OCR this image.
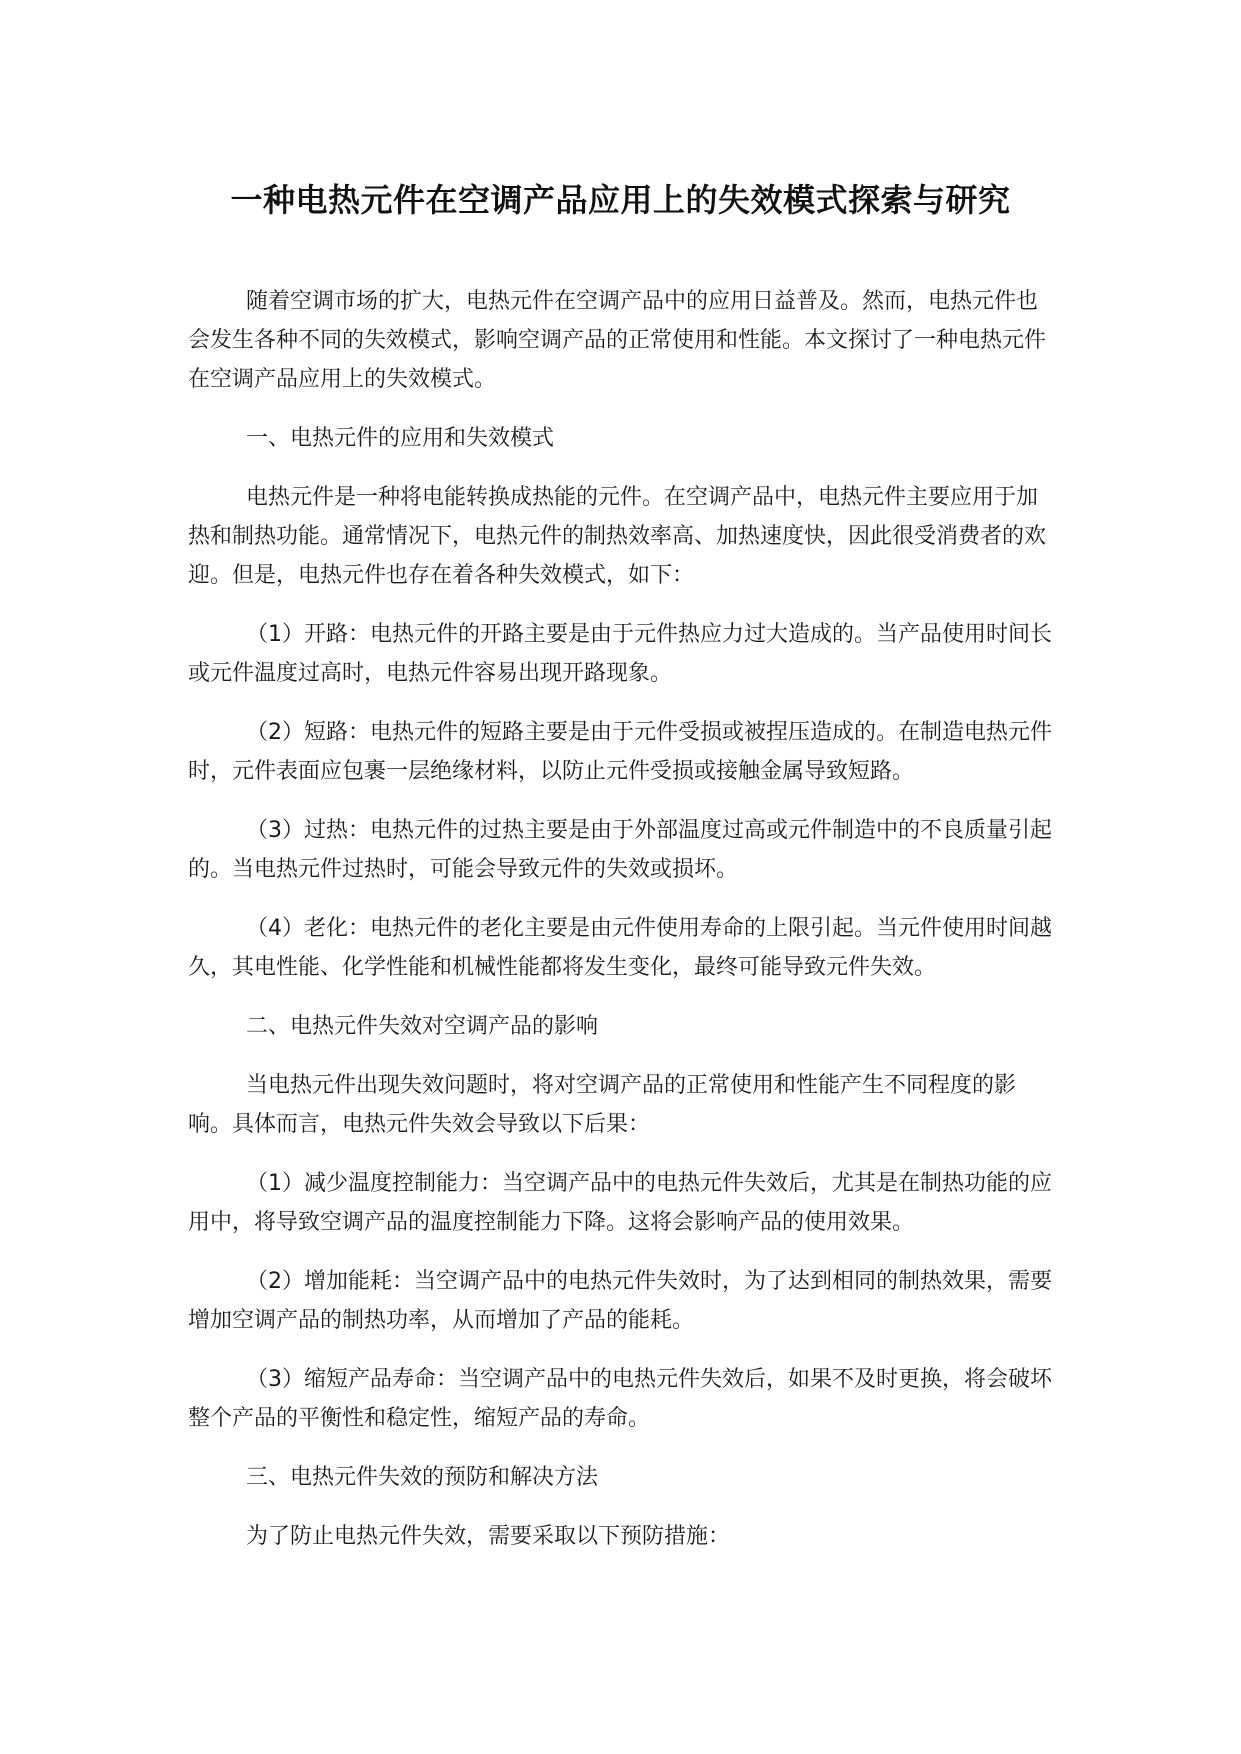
一种电热元件在空调产品应用上的失效模式探索与研究

随着空调市场的扩大，电热元件在空调产品中的应用日益普及。然而，电热元件也会发生各种不同的失效模式，影响空调产品的正常使用和性能。本文探讨了一种电热元件在空调产品应用上的失效模式。

一、电热元件的应用和失效模式

电热元件是一种将电能转换成热能的元件。在空调产品中，电热元件主要应用于加热和制热功能。通常情况下，电热元件的制热效率高、加热速度快，因此很受消费者的欢迎。但是，电热元件也存在着各种失效模式，如下：

（1）开路：电热元件的开路主要是由于元件热应力过大造成的。当产品使用时间长或元件温度过高时，电热元件容易出现开路现象。

（2）短路：电热元件的短路主要是由于元件受损或被捏压造成的。在制造电热元件时，元件表面应包裹一层绝缘材料，以防止元件受损或接触金属导致短路。

（3）过热：电热元件的过热主要是由于外部温度过高或元件制造中的不良质量引起的。当电热元件过热时，可能会导致元件的失效或损坏。

（4）老化：电热元件的老化主要是由元件使用寿命的上限引起。当元件使用时间越久，其电性能、化学性能和机械性能都将发生变化，最终可能导致元件失效。

二、电热元件失效对空调产品的影响

当电热元件出现失效问题时，将对空调产品的正常使用和性能产生不同程度的影响。具体而言，电热元件失效会导致以下后果：

（1）减少温度控制能力：当空调产品中的电热元件失效后，尤其是在制热功能的应用中，将导致空调产品的温度控制能力下降。这将会影响产品的使用效果。

（2）增加能耗：当空调产品中的电热元件失效时，为了达到相同的制热效果，需要增加空调产品的制热功率，从而增加了产品的能耗。

（3）缩短产品寿命：当空调产品中的电热元件失效后，如果不及时更换，将会破坏整个产品的平衡性和稳定性，缩短产品的寿命。

三、电热元件失效的预防和解决方法

为了防止电热元件失效，需要采取以下预防措施：
